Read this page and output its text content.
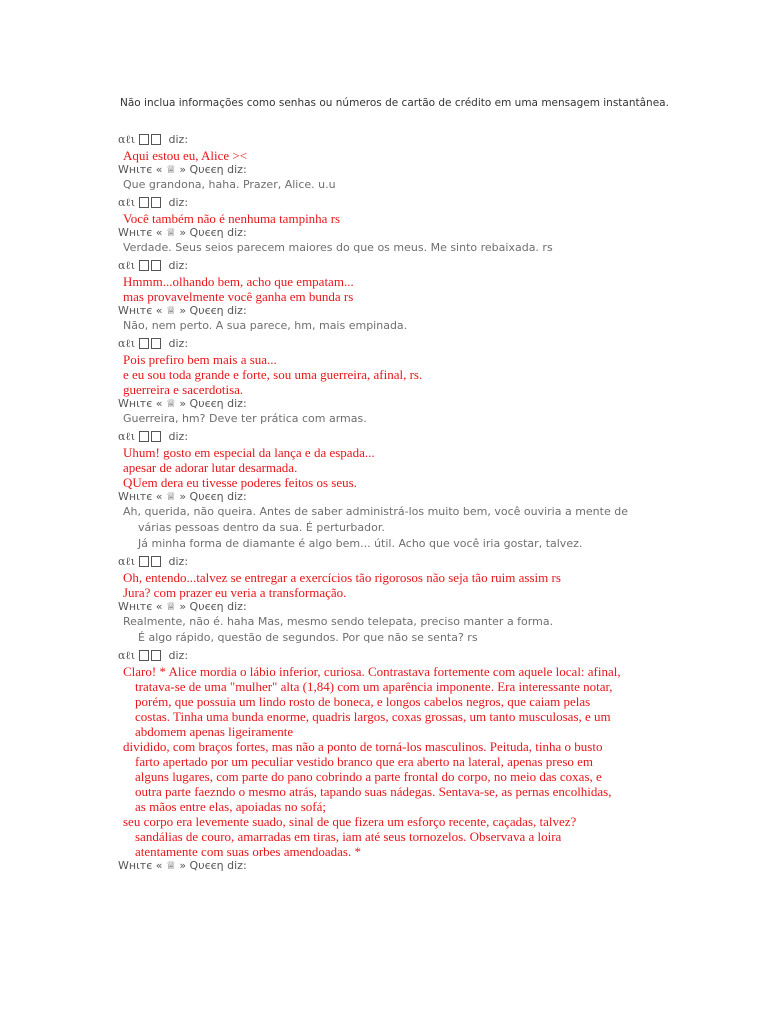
Não inclua informações como senhas ou números de cartão de crédito em uma mensagem instantânea.
αℓι	diz:
Aqui estou eu, Alice ><
Wнιтє « ♕ » Qυєєη diz:
Que grandona, haha. Prazer, Alice. u.u
αℓι	diz:
Você também não é nenhuma tampinha rs
Wнιтє « ♕ » Qυєєη diz:
Verdade. Seus seios parecem maiores do que os meus. Me sinto rebaixada. rs
αℓι	diz:
Hmmm...olhando bem, acho que empatam...
mas provavelmente você ganha em bunda rs
Wнιтє « ♕ » Qυєєη diz:
Não, nem perto. A sua parece, hm, mais empinada.
αℓι	diz:
Pois prefiro bem mais a sua...
e eu sou toda grande e forte, sou uma guerreira, afinal, rs.
guerreira e sacerdotisa.
Wнιтє « ♕ » Qυєєη diz:
Guerreira, hm? Deve ter prática com armas.
αℓι	diz:
Uhum! gosto em especial da lança e da espada...
apesar de adorar lutar desarmada.
QUem dera eu tivesse poderes feitos os seus.
Wнιтє « ♕ » Qυєєη diz:
Ah, querida, não queira. Antes de saber administrá-los muito bem, você ouviria a mente de
várias pessoas dentro da sua. É perturbador.
Já minha forma de diamante é algo bem... útil. Acho que você iria gostar, talvez.
αℓι	diz:
Oh, entendo...talvez se entregar a exercícios tão rigorosos não seja tão ruim assim rs
Jura? com prazer eu veria a transformação.
Wнιтє « ♕ » Qυєєη diz:
Realmente, não é. haha Mas, mesmo sendo telepata, preciso manter a forma.
É algo rápido, questão de segundos. Por que não se senta? rs
αℓι	diz:
Claro! * Alice mordia o lábio inferior, curiosa. Contrastava fortemente com aquele local: afinal,
tratava-se de uma "mulher" alta (1,84) com um aparência imponente. Era interessante notar,
porém, que possuia um lindo rosto de boneca, e longos cabelos negros, que caiam pelas
costas. Tinha uma bunda enorme, quadris largos, coxas grossas, um tanto musculosas, e um
abdomem apenas ligeiramente
dividido, com braços fortes, mas não a ponto de torná-los masculinos. Peituda, tinha o busto
farto apertado por um peculiar vestido branco que era aberto na lateral, apenas preso em
alguns lugares, com parte do pano cobrindo a parte frontal do corpo, no meio das coxas, e
outra parte faezndo o mesmo atrás, tapando suas nádegas. Sentava-se, as pernas encolhidas,
as mãos entre elas, apoiadas no sofá;
seu corpo era levemente suado, sinal de que fizera um esforço recente, caçadas, talvez?
sandálias de couro, amarradas em tiras, iam até seus tornozelos. Observava a loira
atentamente com suas orbes amendoadas. *
Wнιтє « ♕ » Qυєєη diz:
